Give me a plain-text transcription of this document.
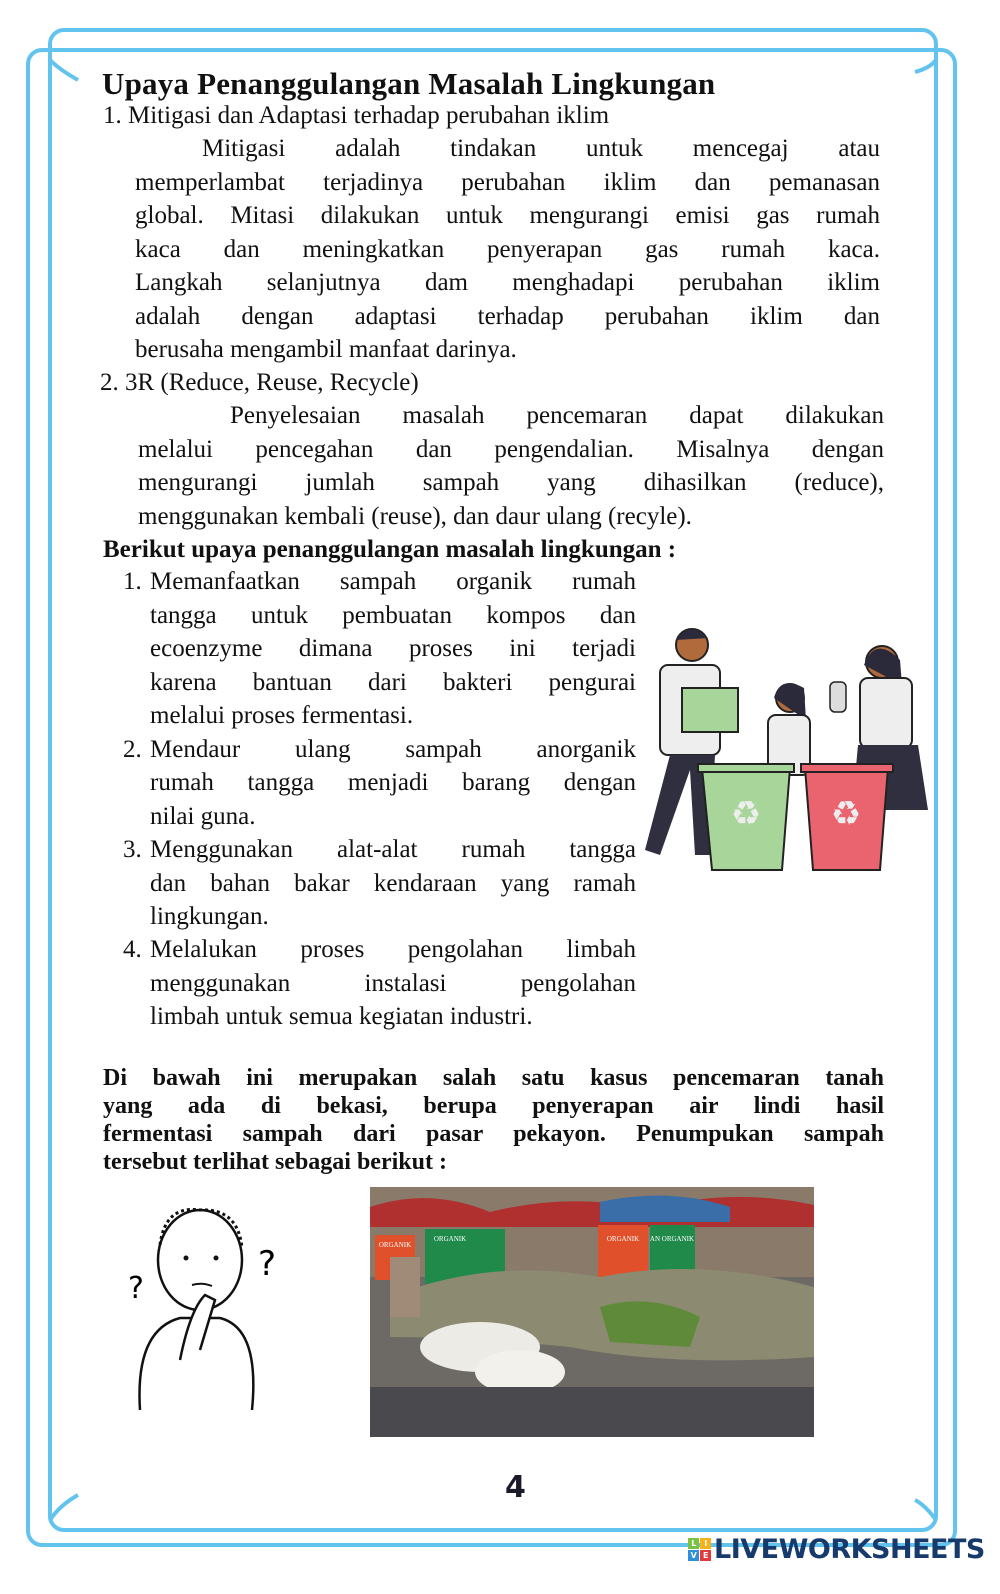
Upaya Penanggulangan Masalah Lingkungan
1. Mitigasi dan Adaptasi terhadap perubahan iklim
Mitigasi adalah tindakan untuk mencegaj atau
memperlambat terjadinya perubahan iklim dan pemanasan
global. Mitasi dilakukan untuk mengurangi emisi gas rumah
kaca dan meningkatkan penyerapan gas rumah kaca.
Langkah selanjutnya dam menghadapi perubahan iklim
adalah dengan adaptasi terhadap perubahan iklim dan
berusaha mengambil manfaat darinya.
2. 3R (Reduce, Reuse, Recycle)
Penyelesaian masalah pencemaran dapat dilakukan
melalui pencegahan dan pengendalian. Misalnya dengan
mengurangi jumlah sampah yang dihasilkan (reduce),
menggunakan kembali (reuse), dan daur ulang (recyle).
Berikut upaya penanggulangan masalah lingkungan :
1. Memanfaatkan sampah organik rumah
tangga untuk pembuatan kompos dan
ecoenzyme dimana proses ini terjadi
karena bantuan dari bakteri pengurai
melalui proses fermentasi.
2. Mendaur ulang sampah anorganik
rumah tangga menjadi barang dengan
nilai guna.
3. Menggunakan alat-alat rumah tangga
dan bahan bakar kendaraan yang ramah
lingkungan.
4. Melalukan proses pengolahan limbah
menggunakan instalasi pengolahan
limbah untuk semua kegiatan industri.
♻ ♻
Di bawah ini merupakan salah satu kasus pencemaran tanah
yang ada di bekasi, berupa penyerapan air lindi hasil
fermentasi sampah dari pasar pekayon. Penumpukan sampah
tersebut terlihat sebagai berikut :
?
?	ORGANIK
ORGANIK	ORGANIK AN ORGANIK
4
L	I
V E LIVEWORKSHEETS
